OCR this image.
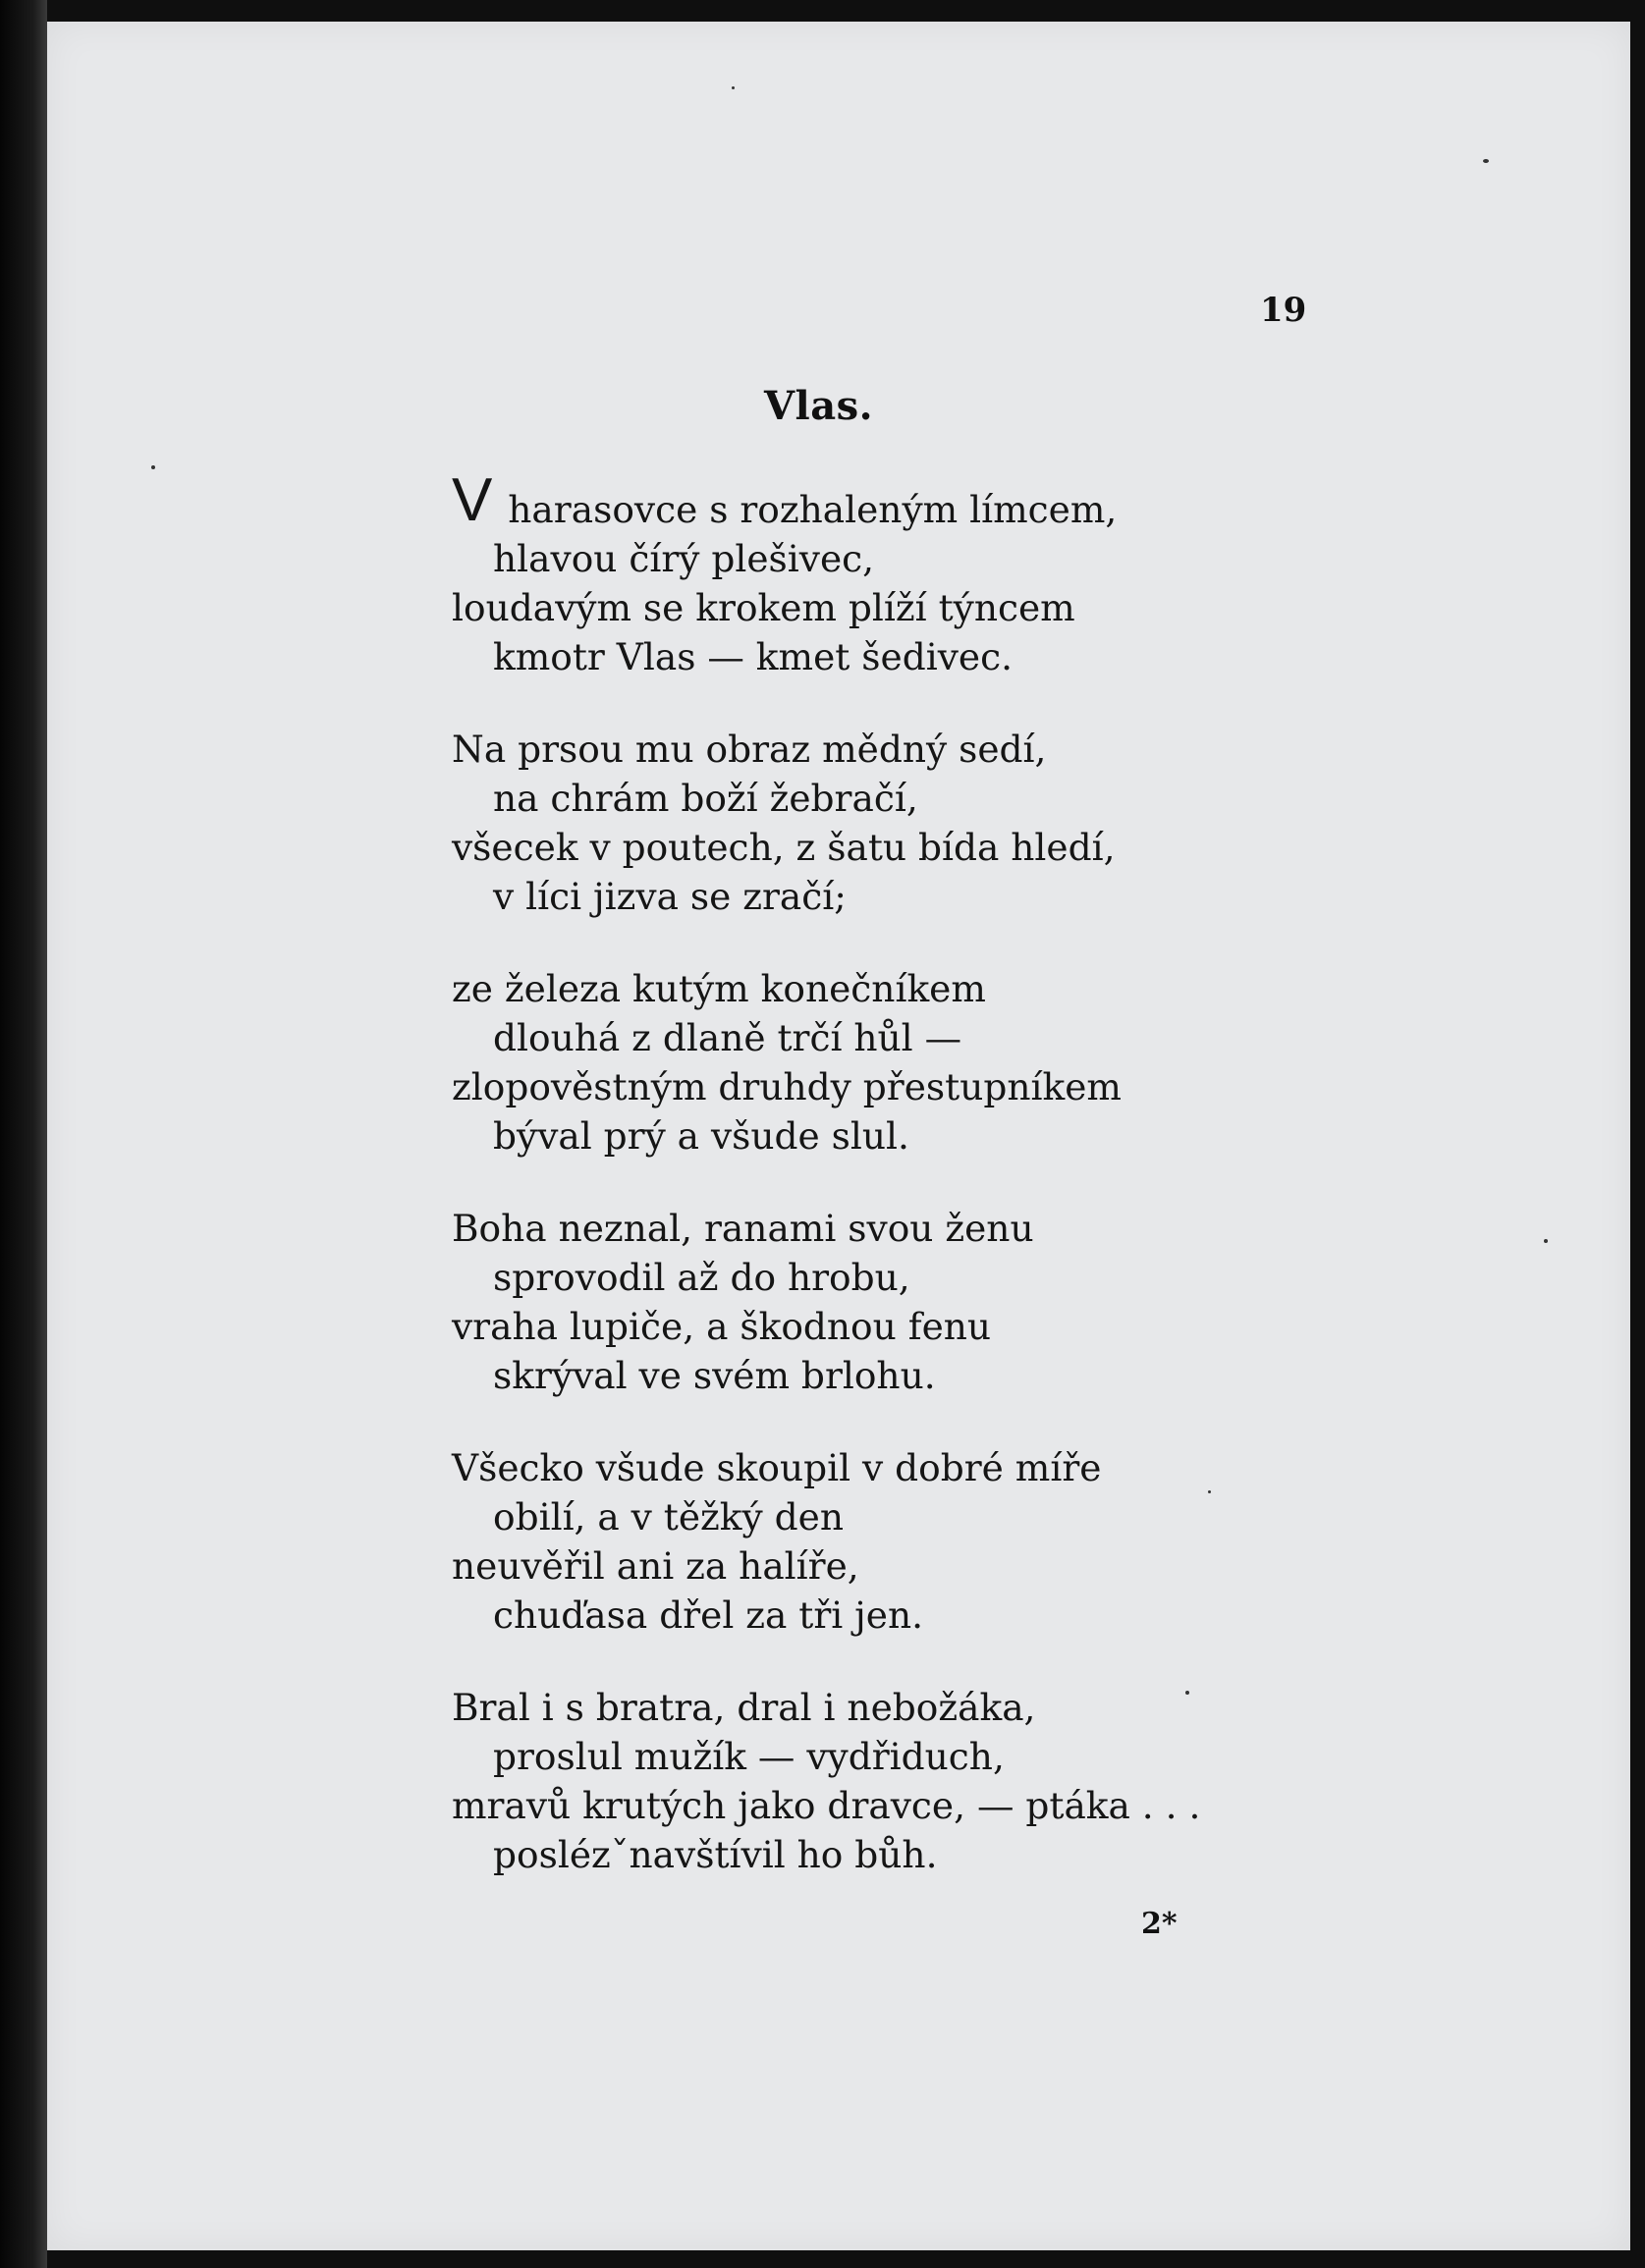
19
Vlas.
V harasovce s rozhaleným límcem,
hlavou čírý plešivec,
loudavým se krokem plíží týncem
kmotr Vlas — kmet šedivec.
Na prsou mu obraz mědný sedí,
na chrám boží žebračí,
všecek v poutech, z šatu bída hledí,
v líci jizva se zračí;
ze železa kutým konečníkem
dlouhá z dlaně trčí hůl —
zlopověstným druhdy přestupníkem
býval prý a všude slul.
Boha neznal, ranami svou ženu
sprovodil až do hrobu,
vraha lupiče, a škodnou fenu
skrýval ve svém brlohu.
Všecko všude skoupil v dobré míře
obilí, a v těžký den
neuvěřil ani za halíře,
chuďasa dřel za tři jen.
Bral i s bratra, dral i nebožáka,
proslul mužík — vydřiduch,
mravů krutých jako dravce, — ptáka . . .
poslézˇnavštívil ho bůh.
2*
